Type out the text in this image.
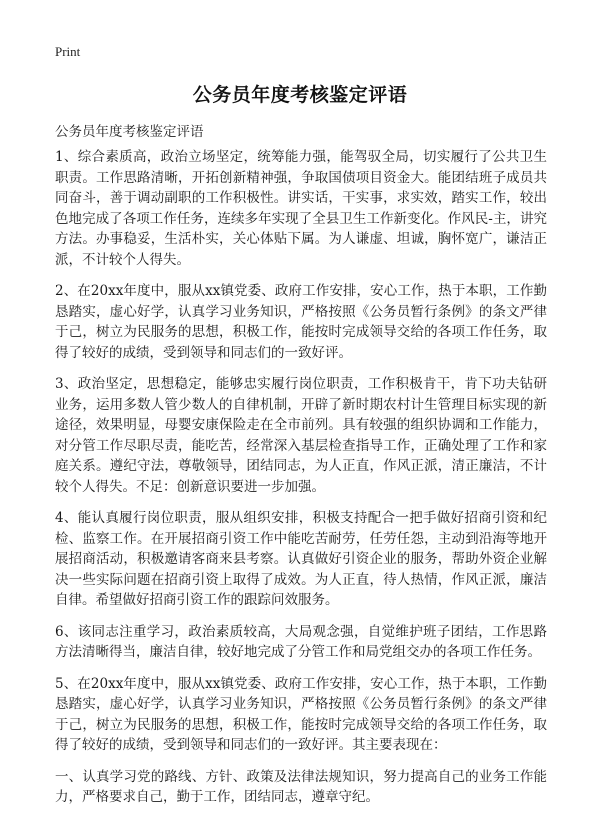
Print
公务员年度考核鉴定评语
公务员年度考核鉴定评语

1、综合素质高，政治立场坚定，统筹能力强，能驾驭全局，切实履行了公共卫生职责。工作思路清晰，开拓创新精神强，争取国债项目资金大。能团结班子成员共同奋斗，善于调动副职的工作积极性。讲实话，干实事，求实效，踏实工作，较出色地完成了各项工作任务，连续多年实现了全县卫生工作新变化。作风民-主，讲究方法。办事稳妥，生活朴实，关心体贴下属。为人谦虚、坦诚，胸怀宽广，谦洁正派，不计较个人得失。

2、在20xx年度中，服从xx镇党委、政府工作安排，安心工作，热于本职，工作勤恳踏实，虚心好学，认真学习业务知识，严格按照《公务员暂行条例》的条文严律于己，树立为民服务的思想，积极工作，能按时完成领导交给的各项工作任务，取得了较好的成绩，受到领导和同志们的一致好评。

3、政治坚定，思想稳定，能够忠实履行岗位职责，工作积极肯干，肯下功夫钻研业务，运用多数人管少数人的自律机制，开辟了新时期农村计生管理目标实现的新途径，效果明显，母婴安康保险走在全市前列。具有较强的组织协调和工作能力，对分管工作尽职尽责，能吃苦，经常深入基层检查指导工作，正确处理了工作和家庭关系。遵纪守法，尊敬领导，团结同志，为人正直，作风正派，清正廉洁，不计较个人得失。不足：创新意识要进一步加强。

4、能认真履行岗位职责，服从组织安排，积极支持配合一把手做好招商引资和纪检、监察工作。在开展招商引资工作中能吃苦耐劳，任劳任怨，主动到沿海等地开展招商活动，积极邀请客商来县考察。认真做好引资企业的服务，帮助外资企业解决一些实际问题在招商引资上取得了成效。为人正直，待人热情，作风正派，廉洁自律。希望做好招商引资工作的跟踪问效服务。

6、该同志注重学习，政治素质较高，大局观念强，自觉维护班子团结，工作思路方法清晰得当，廉洁自律，较好地完成了分管工作和局党组交办的各项工作任务。

5、在20xx年度中，服从xx镇党委、政府工作安排，安心工作，热于本职，工作勤恳踏实，虚心好学，认真学习业务知识，严格按照《公务员暂行条例》的条文严律于己，树立为民服务的思想，积极工作，能按时完成领导交给的各项工作任务，取得了较好的成绩，受到领导和同志们的一致好评。其主要表现在：

一、认真学习党的路线、方针、政策及法律法规知识，努力提高自己的业务工作能力，严格要求自己，勤于工作，团结同志，遵章守纪。
